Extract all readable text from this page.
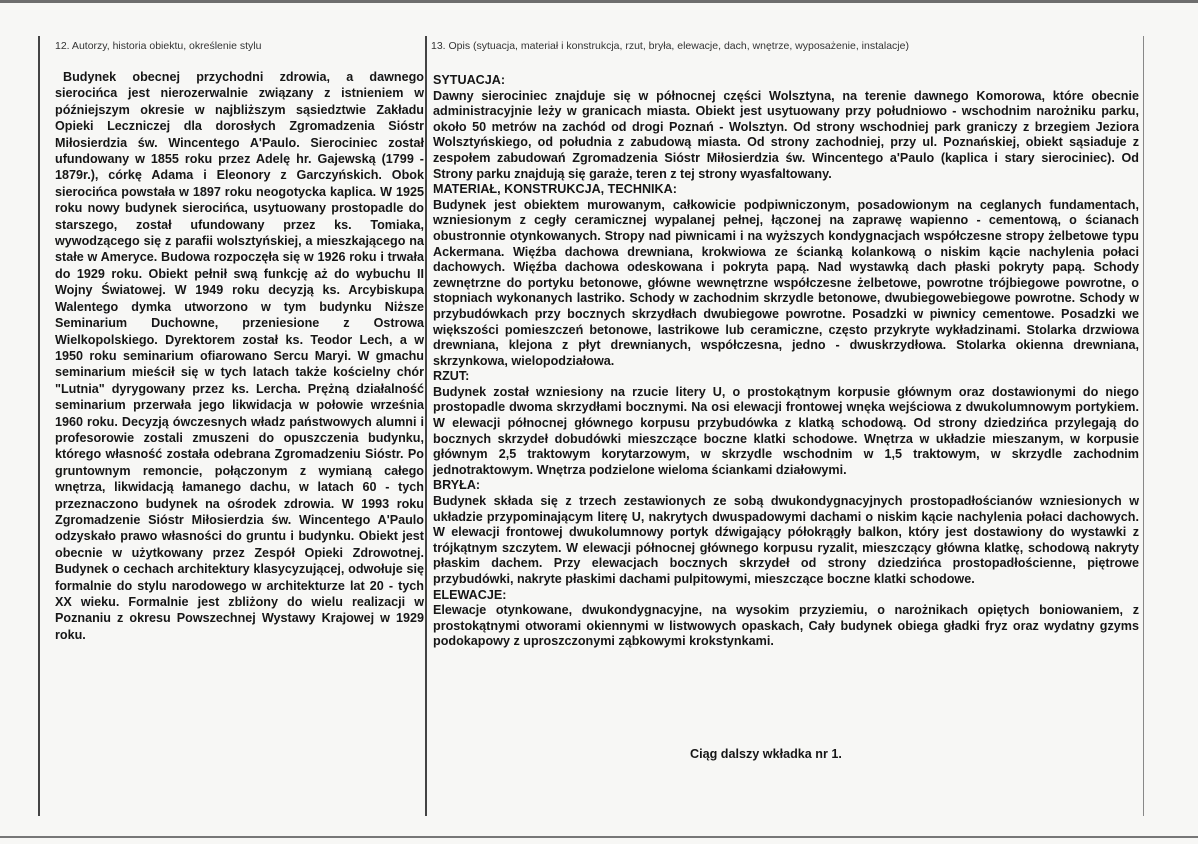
12. Autorzy, historia obiektu, określenie stylu	13. Opis (sytuacja, materiał i konstrukcja, rzut, bryła, elewacje, dach, wnętrze, wyposażenie, instalacje)

Budynek obecnej przychodni zdrowia, a dawnego sierocińca jest nierozerwalnie związany z istnieniem w późniejszym okresie w najbliższym sąsiedztwie Zakładu Opieki Leczniczej dla dorosłych Zgromadzenia Sióstr Miłosierdzia św. Wincentego A'Paulo. Sierociniec został ufundowany w 1855 roku przez Adelę hr. Gajewską (1799 - 1879r.), córkę Adama i Eleonory z Garczyńskich. Obok sierocińca powstała w 1897 roku neogotycka kaplica. W 1925 roku nowy budynek sierocińca, usytuowany prostopadle do starszego, został ufundowany przez ks. Tomiaka, wywodzącego się z parafii wolsztyńskiej, a mieszkającego na stałe w Ameryce. Budowa rozpoczęła się w 1926 roku i trwała do 1929 roku. Obiekt pełnił swą funkcję aż do wybuchu II Wojny Światowej. W 1949 roku decyzją ks. Arcybiskupa Walentego dymka utworzono w tym budynku Niższe Seminarium Duchowne, przeniesione z Ostrowa Wielkopolskiego. Dyrektorem został ks. Teodor Lech, a w 1950 roku seminarium ofiarowano Sercu Maryi. W gmachu seminarium mieścił się w tych latach także kościelny chór "Lutnia" dyrygowany przez ks. Lercha. Prężną działalność seminarium przerwała jego likwidacja w połowie września 1960 roku. Decyzją ówczesnych władz państwowych alumni i profesorowie zostali zmuszeni do opuszczenia budynku, którego własność została odebrana Zgromadzeniu Sióstr. Po gruntownym remoncie, połączonym z wymianą całego wnętrza, likwidacją łamanego dachu, w latach 60 - tych przeznaczono budynek na ośrodek zdrowia. W 1993 roku Zgromadzenie Sióstr Miłosierdzia św. Wincentego A'Paulo odzyskało prawo własności do gruntu i budynku. Obiekt jest obecnie w użytkowany przez Zespół Opieki Zdrowotnej. Budynek o cechach architektury klasycyzującej, odwołuje się formalnie do stylu narodowego w architekturze lat 20 - tych XX wieku. Formalnie jest zbliżony do wielu realizacji w Poznaniu z okresu Powszechnej Wystawy Krajowej w 1929 roku.

SYTUACJA:

Dawny sierociniec znajduje się w północnej części Wolsztyna, na terenie dawnego Komorowa, które obecnie administracyjnie leży w granicach miasta. Obiekt jest usytuowany przy południowo - wschodnim narożniku parku, około 50 metrów na zachód od drogi Poznań - Wolsztyn. Od strony wschodniej park graniczy z brzegiem Jeziora Wolsztyńskiego, od południa z zabudową miasta. Od strony zachodniej, przy ul. Poznańskiej, obiekt sąsiaduje z zespołem zabudowań Zgromadzenia Sióstr Miłosierdzia św. Wincentego a'Paulo (kaplica i stary sierociniec). Od Strony parku znajdują się garaże, teren z tej strony wyasfaltowany.

MATERIAŁ, KONSTRUKCJA, TECHNIKA:

Budynek jest obiektem murowanym, całkowicie podpiwniczonym, posadowionym na ceglanych fundamentach, wzniesionym z cegły ceramicznej wypalanej pełnej, łączonej na zaprawę wapienno - cementową, o ścianach obustronnie otynkowanych. Stropy nad piwnicami i na wyższych kondygnacjach współczesne stropy żelbetowe typu Ackermana. Więźba dachowa drewniana, krokwiowa ze ścianką kolankową o niskim kącie nachylenia połaci dachowych. Więźba dachowa odeskowana i pokryta papą. Nad wystawką dach płaski pokryty papą. Schody zewnętrzne do portyku betonowe, główne wewnętrzne współczesne żelbetowe, powrotne trójbiegowe powrotne, o stopniach wykonanych lastriko. Schody w zachodnim skrzydle betonowe, dwubiegowebiegowe powrotne. Schody w przybudówkach przy bocznych skrzydłach dwubiegowe powrotne. Posadzki w piwnicy cementowe. Posadzki we większości pomieszczeń betonowe, lastrikowe lub ceramiczne, często przykryte wykładzinami. Stolarka drzwiowa drewniana, klejona z płyt drewnianych, współczesna, jedno - dwuskrzydłowa. Stolarka okienna drewniana, skrzynkowa, wielopodziałowa.

RZUT:

Budynek został wzniesiony na rzucie litery U, o prostokątnym korpusie głównym oraz dostawionymi do niego prostopadle dwoma skrzydłami bocznymi. Na osi elewacji frontowej wnęka wejściowa z dwukolumnowym portykiem. W elewacji północnej głównego korpusu przybudówka z klatką schodową. Od strony dziedzińca przylegają do bocznych skrzydeł dobudówki mieszczące boczne klatki schodowe. Wnętrza w układzie mieszanym, w korpusie głównym 2,5 traktowym korytarzowym, w skrzydle wschodnim w 1,5 traktowym, w skrzydle zachodnim jednotraktowym. Wnętrza podzielone wieloma ściankami działowymi.

BRYŁA:

Budynek składa się z trzech zestawionych ze sobą dwukondygnacyjnych prostopadłościanów wzniesionych w układzie przypominającym literę U, nakrytych dwuspadowymi dachami o niskim kącie nachylenia połaci dachowych. W elewacji frontowej dwukolumnowy portyk dźwigający półokrągły balkon, który jest dostawiony do wystawki z trójkątnym szczytem. W elewacji północnej głównego korpusu ryzalit, mieszczący główna klatkę, schodową nakryty płaskim dachem. Przy elewacjach bocznych skrzydeł od strony dziedzińca prostopadłościenne, piętrowe przybudówki, nakryte płaskimi dachami pulpitowymi, mieszczące boczne klatki schodowe.

ELEWACJE:

Elewacje otynkowane, dwukondygnacyjne, na wysokim przyziemiu, o narożnikach opiętych boniowaniem, z prostokątnymi otworami okiennymi w listwowych opaskach, Cały budynek obiega gładki fryz oraz wydatny gzyms podokapowy z uproszczonymi ząbkowymi krokstynkami.

Ciąg dalszy wkładka nr 1.
